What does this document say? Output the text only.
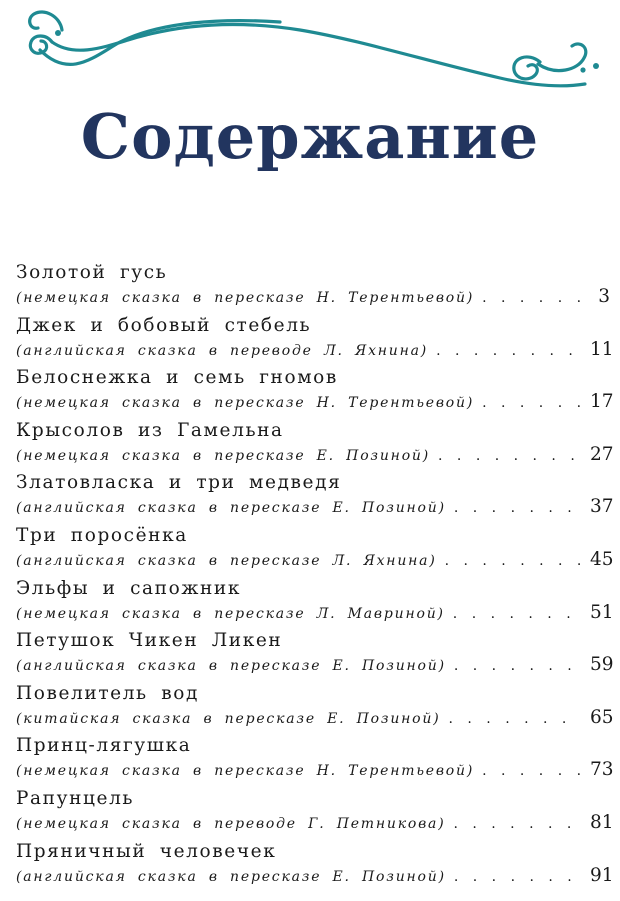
Содержание
Золотой гусь
(немецкая сказка в пересказе Н. Терентьевой) . . .	3
Джек и бобовый стебель
(английская сказка в переводе Л. Яхнина) . . .	11
Белоснежка и семь гномов
(немецкая сказка в пересказе Н. Терентьевой) . . .	17
Крысолов из Гамельна
(немецкая сказка в пересказе Е. Позиной) . . .	27
Златовласка и три медведя
(английская сказка в пересказе Е. Позиной) . . .	37
Три поросёнка
(английская сказка в пересказе Л. Яхнина) . . .	45
Эльфы и сапожник
(немецкая сказка в пересказе Л. Мавриной) . . .	51
Петушок Чикен Ликен
(английская сказка в пересказе Е. Позиной) . . .	59
Повелитель вод
(китайская сказка в пересказе Е. Позиной) . . .	65
Принц-лягушка
(немецкая сказка в пересказе Н. Терентьевой) . . .	73
Рапунцель
(немецкая сказка в переводе Г. Петникова) . . .	81
Пряничный человечек
(английская сказка в пересказе Е. Позиной) . . .	91
